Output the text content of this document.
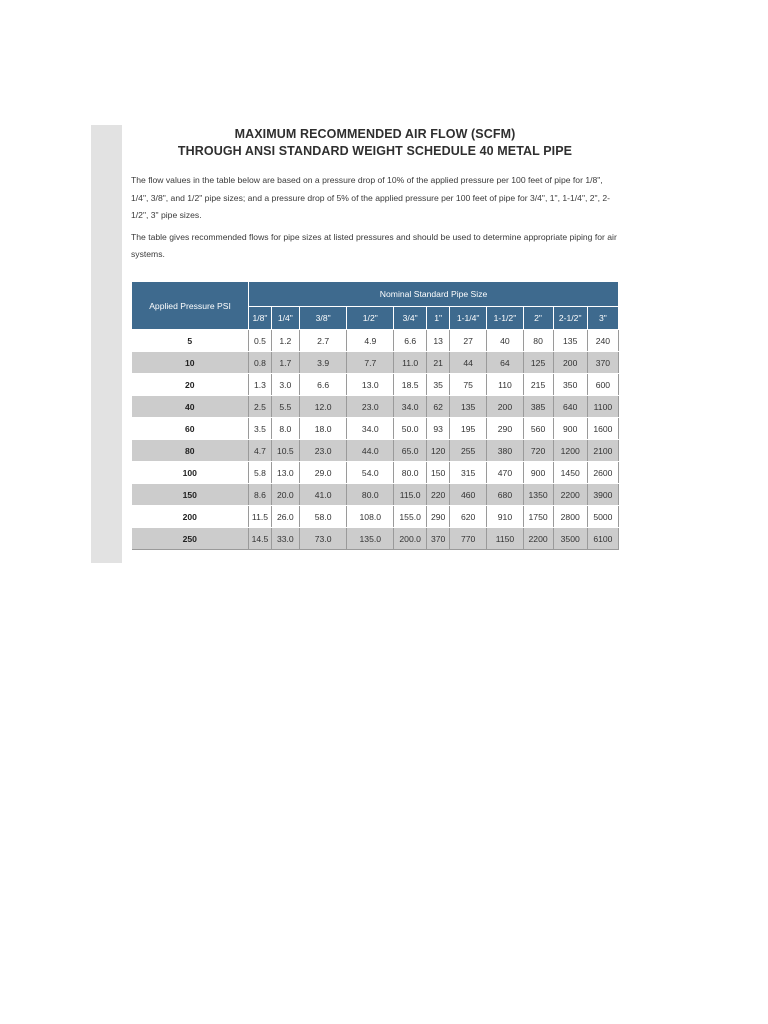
MAXIMUM RECOMMENDED AIR FLOW (SCFM)
THROUGH ANSI STANDARD WEIGHT SCHEDULE 40 METAL PIPE

The flow values in the table below are based on a pressure drop of 10% of the applied pressure per 100 feet of pipe for 1/8", 1/4", 3/8", and 1/2" pipe sizes; and a pressure drop of 5% of the applied pressure per 100 feet of pipe for 3/4", 1", 1-1/4", 2", 2-1/2", 3" pipe sizes.

The table gives recommended flows for pipe sizes at listed pressures and should be used to determine appropriate piping for air systems.

Applied Pressure PSI	Nominal Standard Pipe Size										
	1/8"	1/4"	3/8"	1/2"	3/4"	1"	1-1/4"	1-1/2"	2"	2-1/2"	3"
5	0.5	1.2	2.7	4.9	6.6	13	27	40	80	135	240
10	0.8	1.7	3.9	7.7	11.0	21	44	64	125	200	370
20	1.3	3.0	6.6	13.0	18.5	35	75	110	215	350	600
40	2.5	5.5	12.0	23.0	34.0	62	135	200	385	640	1100
60	3.5	8.0	18.0	34.0	50.0	93	195	290	560	900	1600
80	4.7	10.5	23.0	44.0	65.0	120	255	380	720	1200	2100
100	5.8	13.0	29.0	54.0	80.0	150	315	470	900	1450	2600
150	8.6	20.0	41.0	80.0	115.0	220	460	680	1350	2200	3900
200	11.5	26.0	58.0	108.0	155.0	290	620	910	1750	2800	5000
250	14.5	33.0	73.0	135.0	200.0	370	770	1150	2200	3500	6100
